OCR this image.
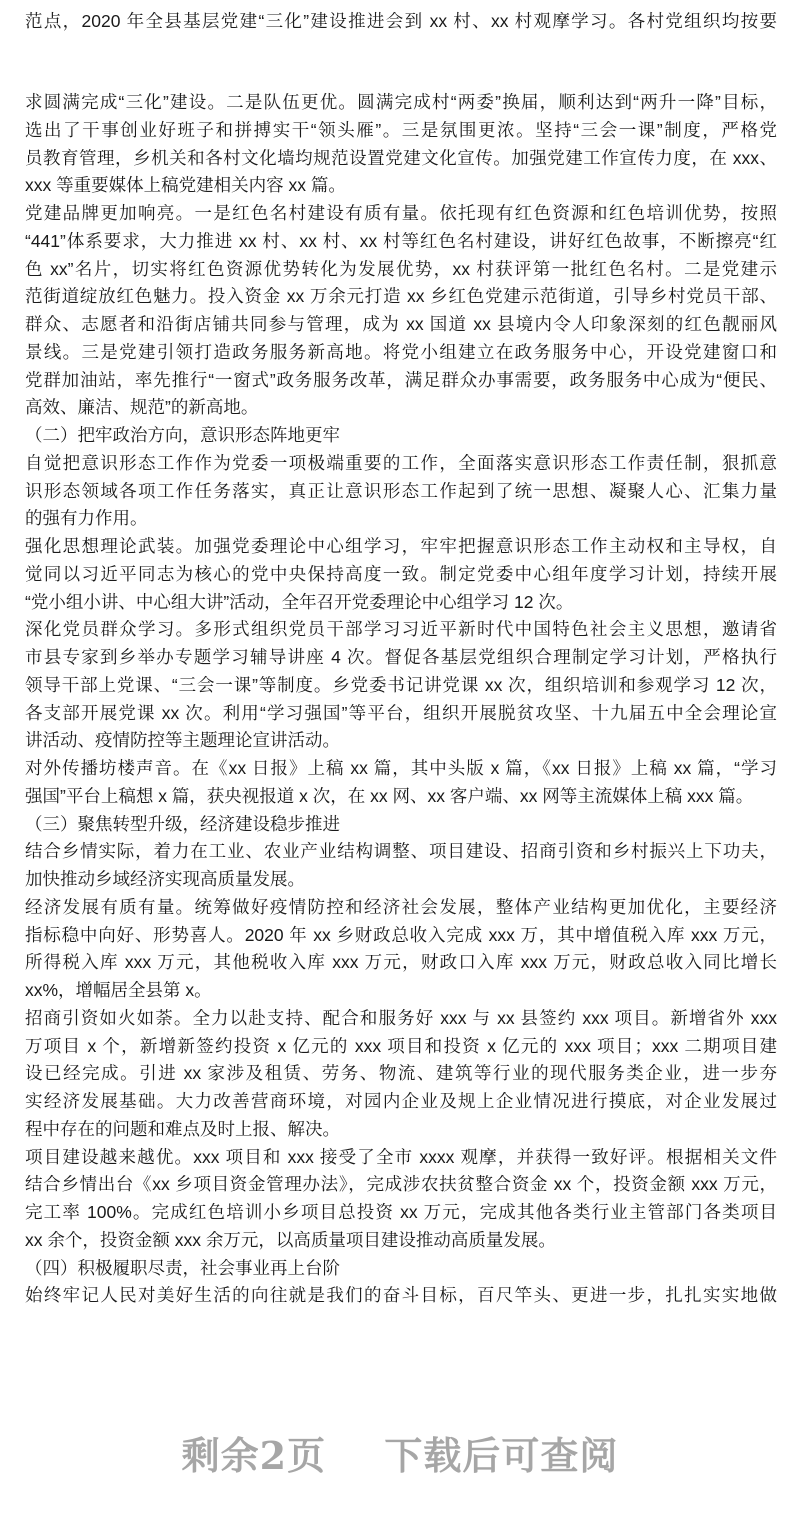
范点，2020 年全县基层党建“三化”建设推进会到 xx 村、xx 村观摩学习。各村党组织均按要
求圆满完成“三化”建设。二是队伍更优。圆满完成村“两委”换届，顺利达到“两升一降”目标，
选出了干事创业好班子和拼搏实干“领头雁”。三是氛围更浓。坚持“三会一课”制度，严格党
员教育管理，乡机关和各村文化墙均规范设置党建文化宣传。加强党建工作宣传力度，在 xxx、
xxx 等重要媒体上稿党建相关内容 xx 篇。
党建品牌更加响亮。一是红色名村建设有质有量。依托现有红色资源和红色培训优势，按照
“441”体系要求，大力推进 xx 村、xx 村、xx 村等红色名村建设，讲好红色故事，不断擦亮“红
色 xx”名片，切实将红色资源优势转化为发展优势，xx 村获评第一批红色名村。二是党建示
范街道绽放红色魅力。投入资金 xx 万余元打造 xx 乡红色党建示范街道，引导乡村党员干部、
群众、志愿者和沿街店铺共同参与管理，成为 xx 国道 xx 县境内令人印象深刻的红色靓丽风
景线。三是党建引领打造政务服务新高地。将党小组建立在政务服务中心，开设党建窗口和
党群加油站，率先推行“一窗式”政务服务改革，满足群众办事需要，政务服务中心成为“便民、
高效、廉洁、规范”的新高地。
（二）把牢政治方向，意识形态阵地更牢
自觉把意识形态工作作为党委一项极端重要的工作，全面落实意识形态工作责任制，狠抓意
识形态领域各项工作任务落实，真正让意识形态工作起到了统一思想、凝聚人心、汇集力量
的强有力作用。
强化思想理论武装。加强党委理论中心组学习，牢牢把握意识形态工作主动权和主导权，自
觉同以习近平同志为核心的党中央保持高度一致。制定党委中心组年度学习计划，持续开展
“党小组小讲、中心组大讲”活动，全年召开党委理论中心组学习 12 次。
深化党员群众学习。多形式组织党员干部学习习近平新时代中国特色社会主义思想，邀请省
市县专家到乡举办专题学习辅导讲座 4 次。督促各基层党组织合理制定学习计划，严格执行
领导干部上党课、“三会一课”等制度。乡党委书记讲党课 xx 次，组织培训和参观学习 12 次，
各支部开展党课 xx 次。利用“学习强国”等平台，组织开展脱贫攻坚、十九届五中全会理论宣
讲活动、疫情防控等主题理论宣讲活动。
对外传播坊楼声音。在《xx 日报》上稿 xx 篇，其中头版 x 篇，《xx 日报》上稿 xx 篇，“学习
强国”平台上稿想 x 篇，获央视报道 x 次，在 xx 网、xx 客户端、xx 网等主流媒体上稿 xxx 篇。
（三）聚焦转型升级，经济建设稳步推进
结合乡情实际，着力在工业、农业产业结构调整、项目建设、招商引资和乡村振兴上下功夫，
加快推动乡域经济实现高质量发展。
经济发展有质有量。统筹做好疫情防控和经济社会发展，整体产业结构更加优化，主要经济
指标稳中向好、形势喜人。2020 年 xx 乡财政总收入完成 xxx 万，其中增值税入库 xxx 万元，
所得税入库 xxx 万元，其他税收入库 xxx 万元，财政口入库 xxx 万元，财政总收入同比增长
xx%，增幅居全县第 x。
招商引资如火如荼。全力以赴支持、配合和服务好 xxx 与 xx 县签约 xxx 项目。新增省外 xxx
万项目 x 个，新增新签约投资 x 亿元的 xxx 项目和投资 x 亿元的 xxx 项目；xxx 二期项目建
设已经完成。引进 xx 家涉及租赁、劳务、物流、建筑等行业的现代服务类企业，进一步夯
实经济发展基础。大力改善营商环境，对园内企业及规上企业情况进行摸底，对企业发展过
程中存在的问题和难点及时上报、解决。
项目建设越来越优。xxx 项目和 xxx 接受了全市 xxxx 观摩，并获得一致好评。根据相关文件
结合乡情出台《xx 乡项目资金管理办法》，完成涉农扶贫整合资金 xx 个，投资金额 xxx 万元，
完工率 100%。完成红色培训小乡项目总投资 xx 万元，完成其他各类行业主管部门各类项目
xx 余个，投资金额 xxx 余万元，以高质量项目建设推动高质量发展。
（四）积极履职尽责，社会事业再上台阶
始终牢记人民对美好生活的向往就是我们的奋斗目标，百尺竿头、更进一步，扎扎实实地做
剩余2页 下载后可查阅
